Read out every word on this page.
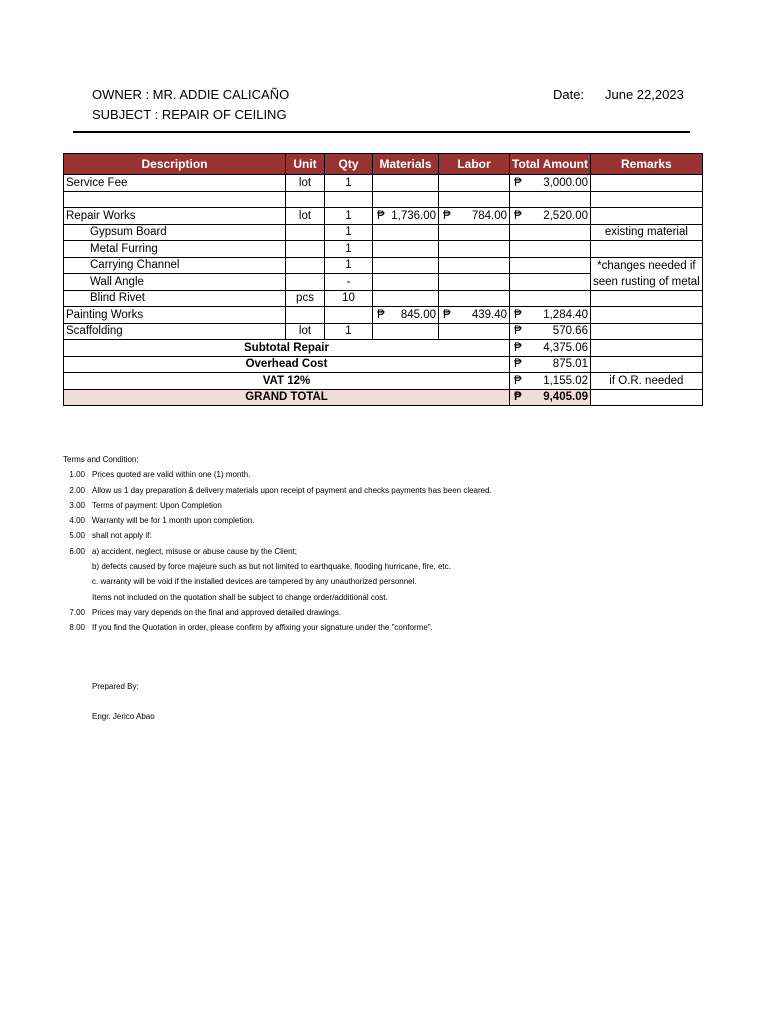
OWNER : MR. ADDIE CALICAÑO
SUBJECT : REPAIR OF CEILING
Date: June 22,2023
Description	Unit	Qty	Materials	Labor	Total Amount	Remarks
Service Fee	lot	1			₱ 3,000.00	

Repair Works	lot	1	₱ 1,736.00	₱ 784.00	₱ 2,520.00	

Gypsum Board		1				existing material
Metal Furring		1				
Carrying Channel		1				*changes needed if
Wall Angle		-				seen rusting of metal
Blind Rivet	pcs	10				
Painting Works			₱ 845.00	₱ 439.40	₱ 1,284.40	

Scaffolding	lot	1			₱ 570.66	

Subtotal Repair					₱ 4,375.06	

Overhead Cost					₱ 875.01	

VAT 12%					₱ 1,155.02	if O.R. needed
GRAND TOTAL					₱ 9,405.09	

Terms and Condition:
1.00 Prices quoted are valid within one (1) month.
2.00 Allow us 1 day preparation & delivery materials upon receipt of payment and checks payments has been cleared.
3.00 Terms of payment: Upon Completion
4.00 Warranty will be for 1 month upon completion.
5.00 shall not apply if:
6.00 a) accident, neglect, misuse or abuse cause by the Client;
b) defects caused by force majeure such as but not limited to earthquake, flooding hurricane, fire, etc.
c. warranty will be void if the installed devices are tampered by any unauthorized personnel.
Items not included on the quotation shall be subject to change order/additional cost.
7.00 Prices may vary depends on the final and approved detailed drawings.
8.00 If you find the Quotation in order, please confirm by affixing your signature under the "conforme".
Prepared By:
Engr. Jerico Abao
